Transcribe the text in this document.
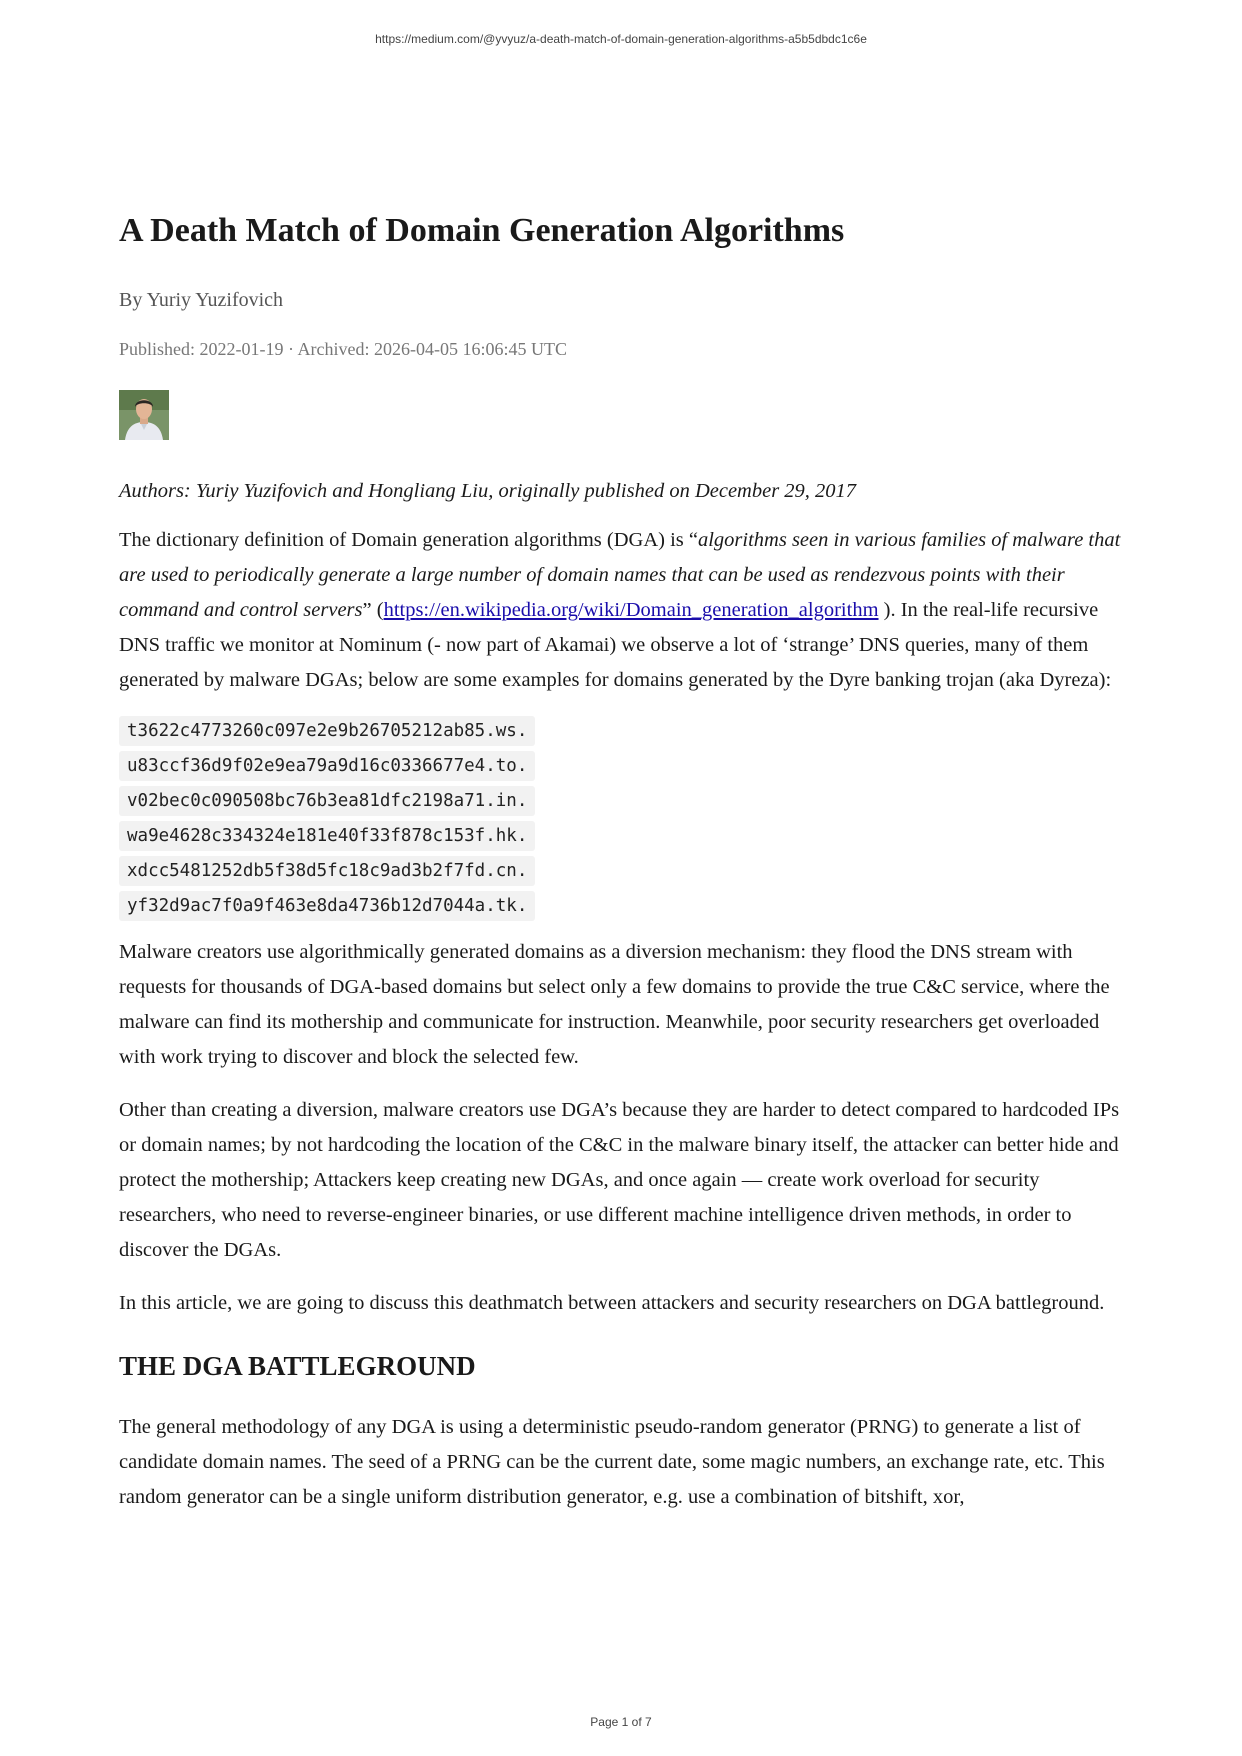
https://medium.com/@yvyuz/a-death-match-of-domain-generation-algorithms-a5b5dbdc1c6e
A Death Match of Domain Generation Algorithms
By Yuriy Yuzifovich
Published: 2022-01-19 · Archived: 2026-04-05 16:06:45 UTC

Authors: Yuriy Yuzifovich and Hongliang Liu, originally published on December 29, 2017

The dictionary definition of Domain generation algorithms (DGA) is “algorithms seen in various families of malware that are used to periodically generate a large number of domain names that can be used as rendezvous points with their command and control servers” (https://en.wikipedia.org/wiki/Domain_generation_algorithm ). In the real-life recursive DNS traffic we monitor at Nominum (- now part of Akamai) we observe a lot of ‘strange’ DNS queries, many of them generated by malware DGAs; below are some examples for domains generated by the Dyre banking trojan (aka Dyreza):

t3622c4773260c097e2e9b26705212ab85.ws.
u83ccf36d9f02e9ea79a9d16c0336677e4.to.
v02bec0c090508bc76b3ea81dfc2198a71.in.
wa9e4628c334324e181e40f33f878c153f.hk.
xdcc5481252db5f38d5fc18c9ad3b2f7fd.cn.
yf32d9ac7f0a9f463e8da4736b12d7044a.tk.

Malware creators use algorithmically generated domains as a diversion mechanism: they flood the DNS stream with requests for thousands of DGA-based domains but select only a few domains to provide the true C&C service, where the malware can find its mothership and communicate for instruction. Meanwhile, poor security researchers get overloaded with work trying to discover and block the selected few.

Other than creating a diversion, malware creators use DGA’s because they are harder to detect compared to hardcoded IPs or domain names; by not hardcoding the location of the C&C in the malware binary itself, the attacker can better hide and protect the mothership; Attackers keep creating new DGAs, and once again — create work overload for security researchers, who need to reverse-engineer binaries, or use different machine intelligence driven methods, in order to discover the DGAs.

In this article, we are going to discuss this deathmatch between attackers and security researchers on DGA battleground.

THE DGA BATTLEGROUND

The general methodology of any DGA is using a deterministic pseudo-random generator (PRNG) to generate a list of candidate domain names. The seed of a PRNG can be the current date, some magic numbers, an exchange rate, etc. This random generator can be a single uniform distribution generator, e.g. use a combination of bitshift, xor,

Page 1 of 7
